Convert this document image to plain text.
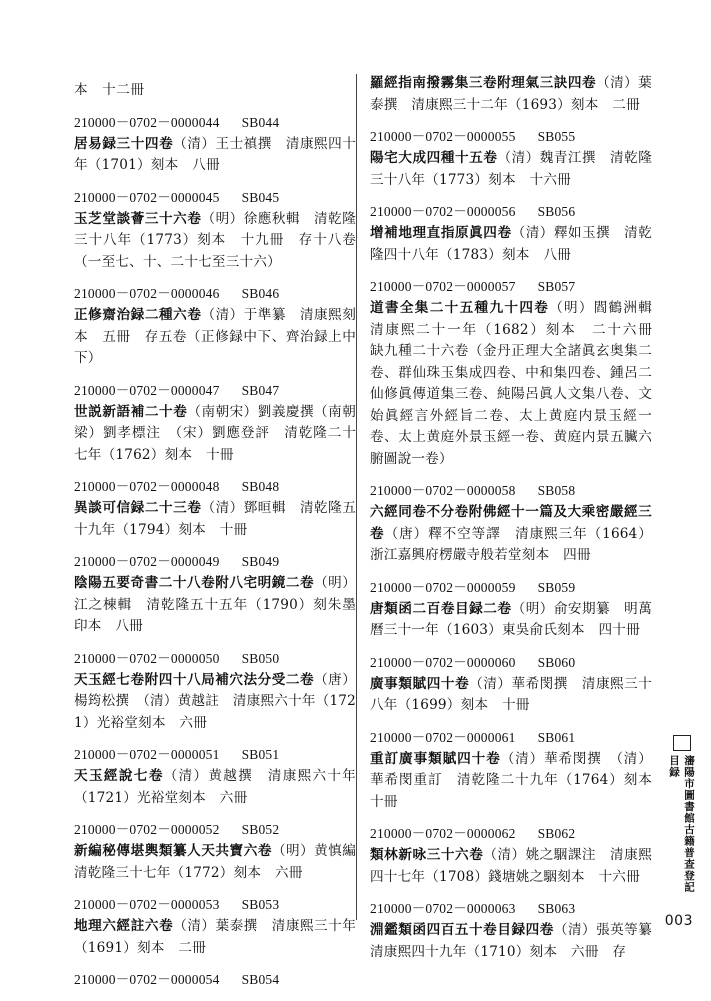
本　十二冊
210000－0702－0000044 SB044
居易録三十四卷（清）王士禛撰　清康熙四十年（1701）刻本　八冊
210000－0702－0000045 SB045
玉芝堂談薈三十六卷（明）徐應秋輯　清乾隆三十八年（1773）刻本　十九冊　存十八卷（一至七、十、二十七至三十六）
210000－0702－0000046 SB046
正修齋治録二種六卷（清）于準纂　清康熙刻本　五冊　存五卷（正修録中下、齊治録上中下）
210000－0702－0000047 SB047
世説新語補二十卷（南朝宋）劉義慶撰（南朝梁）劉孝標注　（宋）劉應登評　清乾隆二十七年（1762）刻本　十冊
210000－0702－0000048 SB048
異談可信録二十三卷（清）鄧晅輯　清乾隆五十九年（1794）刻本　十冊
210000－0702－0000049 SB049
陰陽五要奇書二十八卷附八宅明鏡二卷（明）江之棟輯　清乾隆五十五年（1790）刻朱墨印本　八冊
210000－0702－0000050 SB050
天玉經七卷附四十八局補穴法分受二卷（唐）楊筠松撰　（清）黄越註　清康熙六十年（1721）光裕堂刻本　六冊
210000－0702－0000051 SB051
天玉經說七卷（清）黄越撰　清康熙六十年（1721）光裕堂刻本　六冊
210000－0702－0000052 SB052
新編秘傳堪輿類纂人天共寶六卷（明）黄慎編　清乾隆三十七年（1772）刻本　六冊
210000－0702－0000053 SB053
地理六經註六卷（清）葉泰撰　清康熙三十年（1691）刻本　二冊
210000－0702－0000054 SB054
羅經指南撥霧集三卷附理氣三訣四卷（清）葉泰撰　清康熙三十二年（1693）刻本　二冊
210000－0702－0000055 SB055
陽宅大成四種十五卷（清）魏青江撰　清乾隆三十八年（1773）刻本　十六冊
210000－0702－0000056 SB056
增補地理直指原眞四卷（清）釋如玉撰　清乾隆四十八年（1783）刻本　八冊
210000－0702－0000057 SB057
道書全集二十五種九十四卷（明）閻鶴洲輯　清康熙二十一年（1682）刻本　二十六冊　缺九種二十六卷（金丹正理大全諸眞玄奥集二卷、群仙珠玉集成四卷、中和集四卷、鍾呂二仙修眞傳道集三卷、純陽呂眞人文集八卷、文始眞經言外經旨二卷、太上黄庭内景玉經一卷、太上黄庭外景玉經一卷、黄庭内景五臟六腑圖說一卷）
210000－0702－0000058 SB058
六經同卷不分卷附佛經十一篇及大乘密嚴經三卷（唐）釋不空等譯　清康熙三年（1664）浙江嘉興府楞嚴寺般若堂刻本　四冊
210000－0702－0000059 SB059
唐類函二百卷目録二卷（明）俞安期纂　明萬曆三十一年（1603）東吳俞氏刻本　四十冊
210000－0702－0000060 SB060
廣事類賦四十卷（清）華希閔撰　清康熙三十八年（1699）刻本　十冊
210000－0702－0000061 SB061
重訂廣事類賦四十卷（清）華希閔撰　（清）華希閔重訂　清乾隆二十九年（1764）刻本　十冊
210000－0702－0000062 SB062
類林新咏三十六卷（清）姚之駰課注　清康熙四十七年（1708）錢塘姚之駰刻本　十六冊
210000－0702－0000063 SB063
淵鑑類函四百五十卷目録四卷（清）張英等纂　清康熙四十九年（1710）刻本　六冊　存
瀋陽市圖書館古籍普查登記目録
003
